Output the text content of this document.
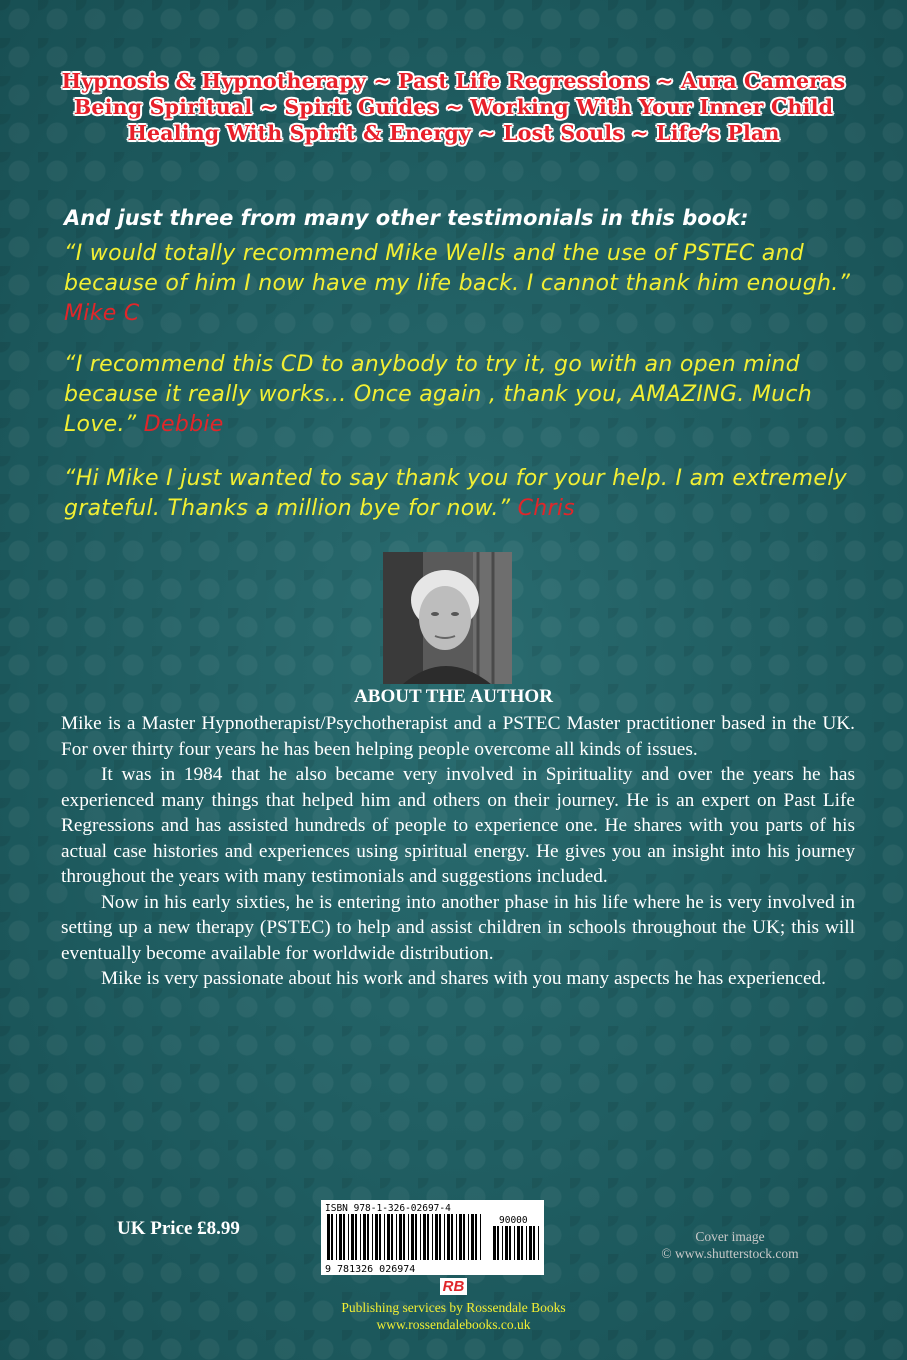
Hypnosis & Hypnotherapy ~ Past Life Regressions ~ Aura Cameras
Being Spiritual ~ Spirit Guides ~ Working With Your Inner Child
Healing With Spirit & Energy ~ Lost Souls ~ Life’s Plan
And just three from many other testimonials in this book:
“I would totally recommend Mike Wells and the use of PSTEC and because of him I now have my life back. I cannot thank him enough.” Mike C
“I recommend this CD to anybody to try it, go with an open mind because it really works... Once again , thank you, AMAZING. Much Love.” Debbie
“Hi Mike I just wanted to say thank you for your help. I am extremely grateful. Thanks a million bye for now.” Chris
ABOUT THE AUTHOR

Mike is a Master Hypnotherapist/Psychotherapist and a PSTEC Master practitioner based in the UK. For over thirty four years he has been helping people overcome all kinds of issues.

It was in 1984 that he also became very involved in Spirituality and over the years he has experienced many things that helped him and others on their journey. He is an expert on Past Life Regressions and has assisted hundreds of people to experience one. He shares with you parts of his actual case histories and experiences using spiritual energy. He gives you an insight into his journey throughout the years with many testimonials and suggestions included.

Now in his early sixties, he is entering into another phase in his life where he is very involved in setting up a new therapy (PSTEC) to help and assist children in schools throughout the UK; this will eventually become available for worldwide distribution.

Mike is very passionate about his work and shares with you many aspects he has experienced.

UK Price £8.99
ISBN 978-1-326-02697-4
90000
9 781326 026974
RB
Publishing services by Rossendale Books
www.rossendalebooks.co.uk
Cover image
© www.shutterstock.com
